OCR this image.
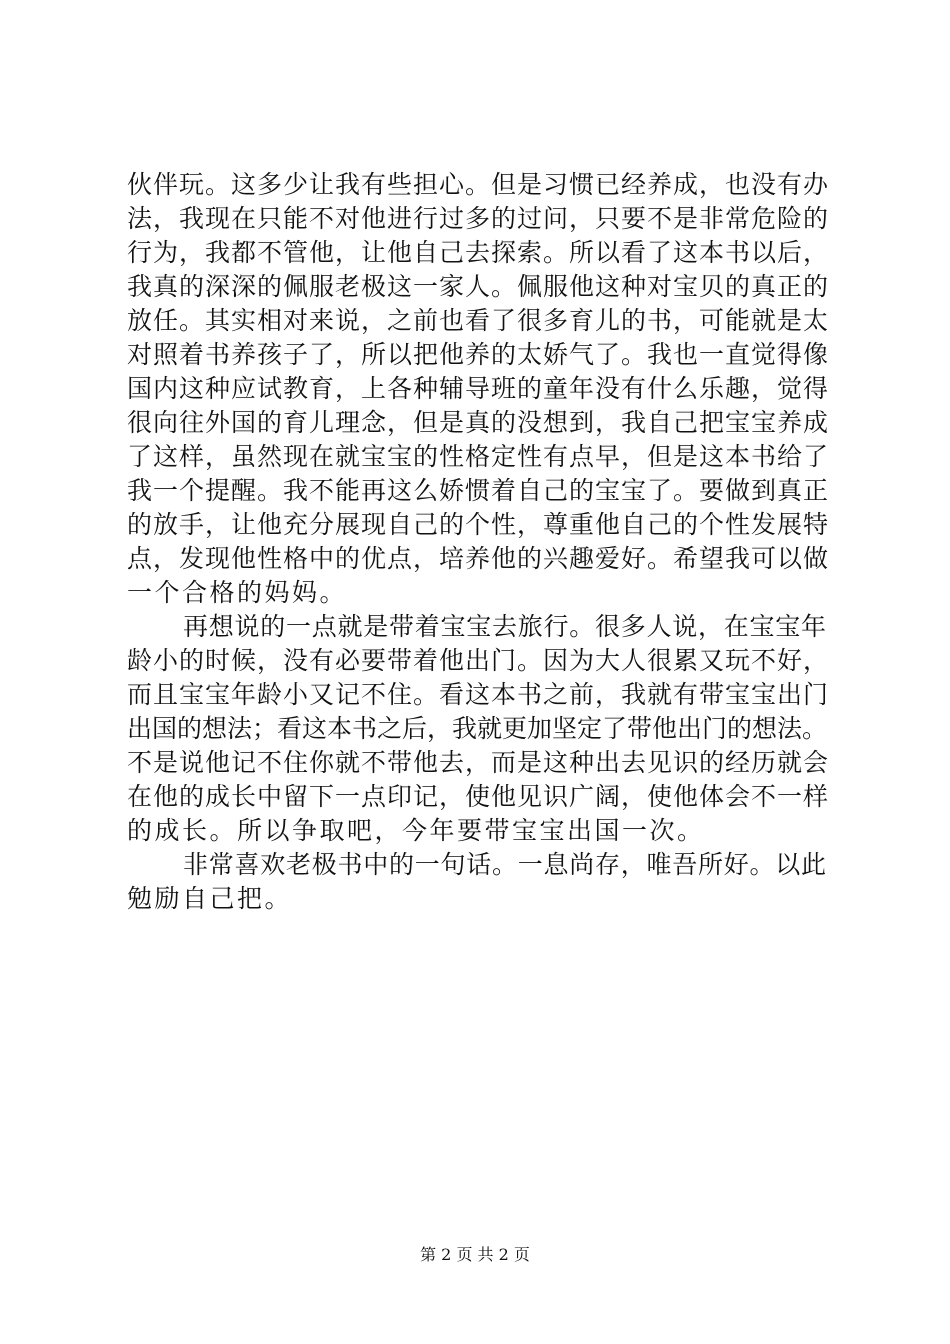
伙伴玩。这多少让我有些担心。但是习惯已经养成，也没有办
法，我现在只能不对他进行过多的过问，只要不是非常危险的
行为，我都不管他，让他自己去探索。所以看了这本书以后，
我真的深深的佩服老极这一家人。佩服他这种对宝贝的真正的
放任。其实相对来说，之前也看了很多育儿的书，可能就是太
对照着书养孩子了，所以把他养的太娇气了。我也一直觉得像
国内这种应试教育，上各种辅导班的童年没有什么乐趣，觉得
很向往外国的育儿理念，但是真的没想到，我自己把宝宝养成
了这样，虽然现在就宝宝的性格定性有点早，但是这本书给了
我一个提醒。我不能再这么娇惯着自己的宝宝了。要做到真正
的放手，让他充分展现自己的个性，尊重他自己的个性发展特
点，发现他性格中的优点，培养他的兴趣爱好。希望我可以做
一个合格的妈妈。
再想说的一点就是带着宝宝去旅行。很多人说，在宝宝年
龄小的时候，没有必要带着他出门。因为大人很累又玩不好，
而且宝宝年龄小又记不住。看这本书之前，我就有带宝宝出门
出国的想法；看这本书之后，我就更加坚定了带他出门的想法。
不是说他记不住你就不带他去，而是这种出去见识的经历就会
在他的成长中留下一点印记，使他见识广阔，使他体会不一样
的成长。所以争取吧，今年要带宝宝出国一次。
非常喜欢老极书中的一句话。一息尚存，唯吾所好。以此
勉励自己把。
第 2 页 共 2 页
